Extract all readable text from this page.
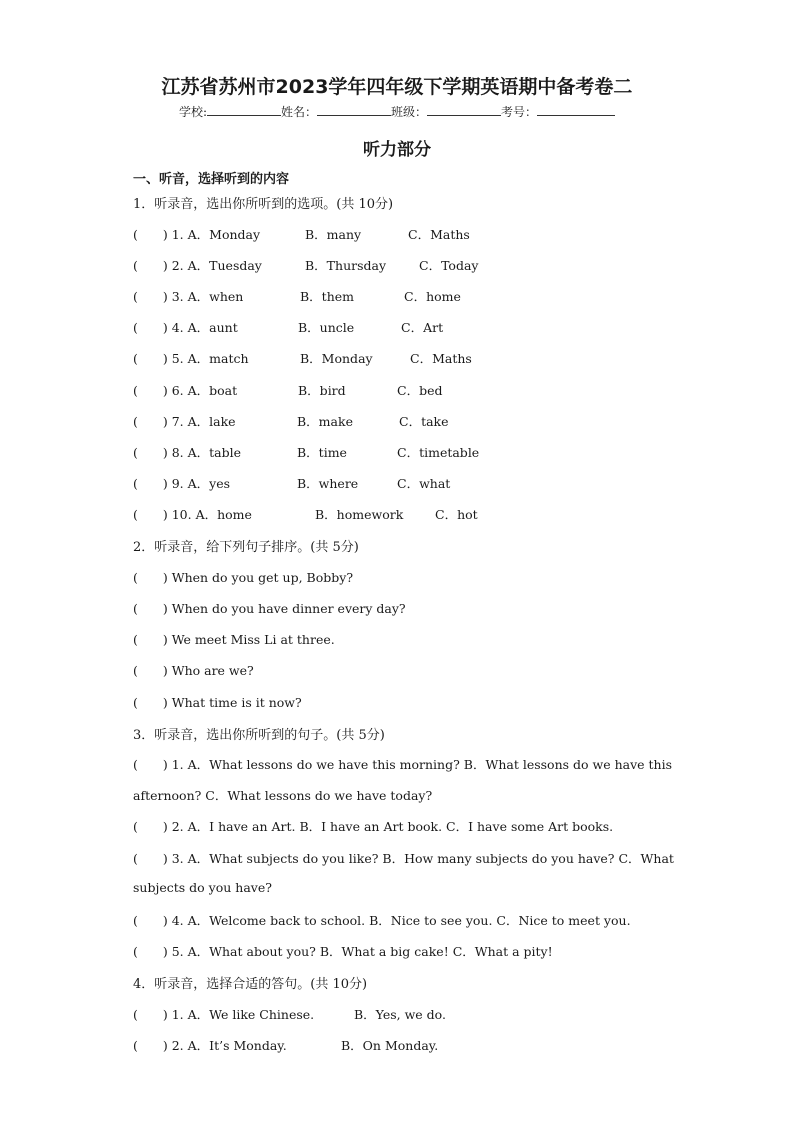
江苏省苏州市2023学年四年级下学期英语期中备考卷二
学校:	姓名：	班级：	考号：
听力部分
一、听音，选择听到的内容
1．听录音，选出你所听到的选项。(共 10分)
(　　) 1. A．Monday	B．many	C．Maths
(　　) 2. A．Tuesday	B．Thursday	C．Today
(　　) 3. A．when	B．them	C．home
(　　) 4. A．aunt	B．uncle	C．Art
(　　) 5. A．match	B．Monday	C．Maths
(　　) 6. A．boat	B．bird	C．bed
(　　) 7. A．lake	B．make	C．take
(　　) 8. A．table	B．time	C．timetable
(　　) 9. A．yes	B．where	C．what
(　　) 10. A．home	B．homework	C．hot
2．听录音，给下列句子排序。(共 5分)
(　　) When do you get up, Bobby?
(　　) When do you have dinner every day?
(　　) We meet Miss Li at three.
(　　) Who are we?
(　　) What time is it now?
3．听录音，选出你所听到的句子。(共 5分)
(　　) 1. A．What lessons do we have this morning? B．What lessons do we have this
afternoon? C．What lessons do we have today?
(　　) 2. A．I have an Art. B．I have an Art book. C．I have some Art books.
(　　) 3. A．What subjects do you like? B．How many subjects do you have? C．What
subjects do you have?
(　　) 4. A．Welcome back to school. B．Nice to see you. C．Nice to meet you.
(　　) 5. A．What about you? B．What a big cake! C．What a pity!
4．听录音，选择合适的答句。(共 10分)
(　　) 1. A．We like Chinese.	B．Yes, we do.
(　　) 2. A．It’s Monday.	B．On Monday.
